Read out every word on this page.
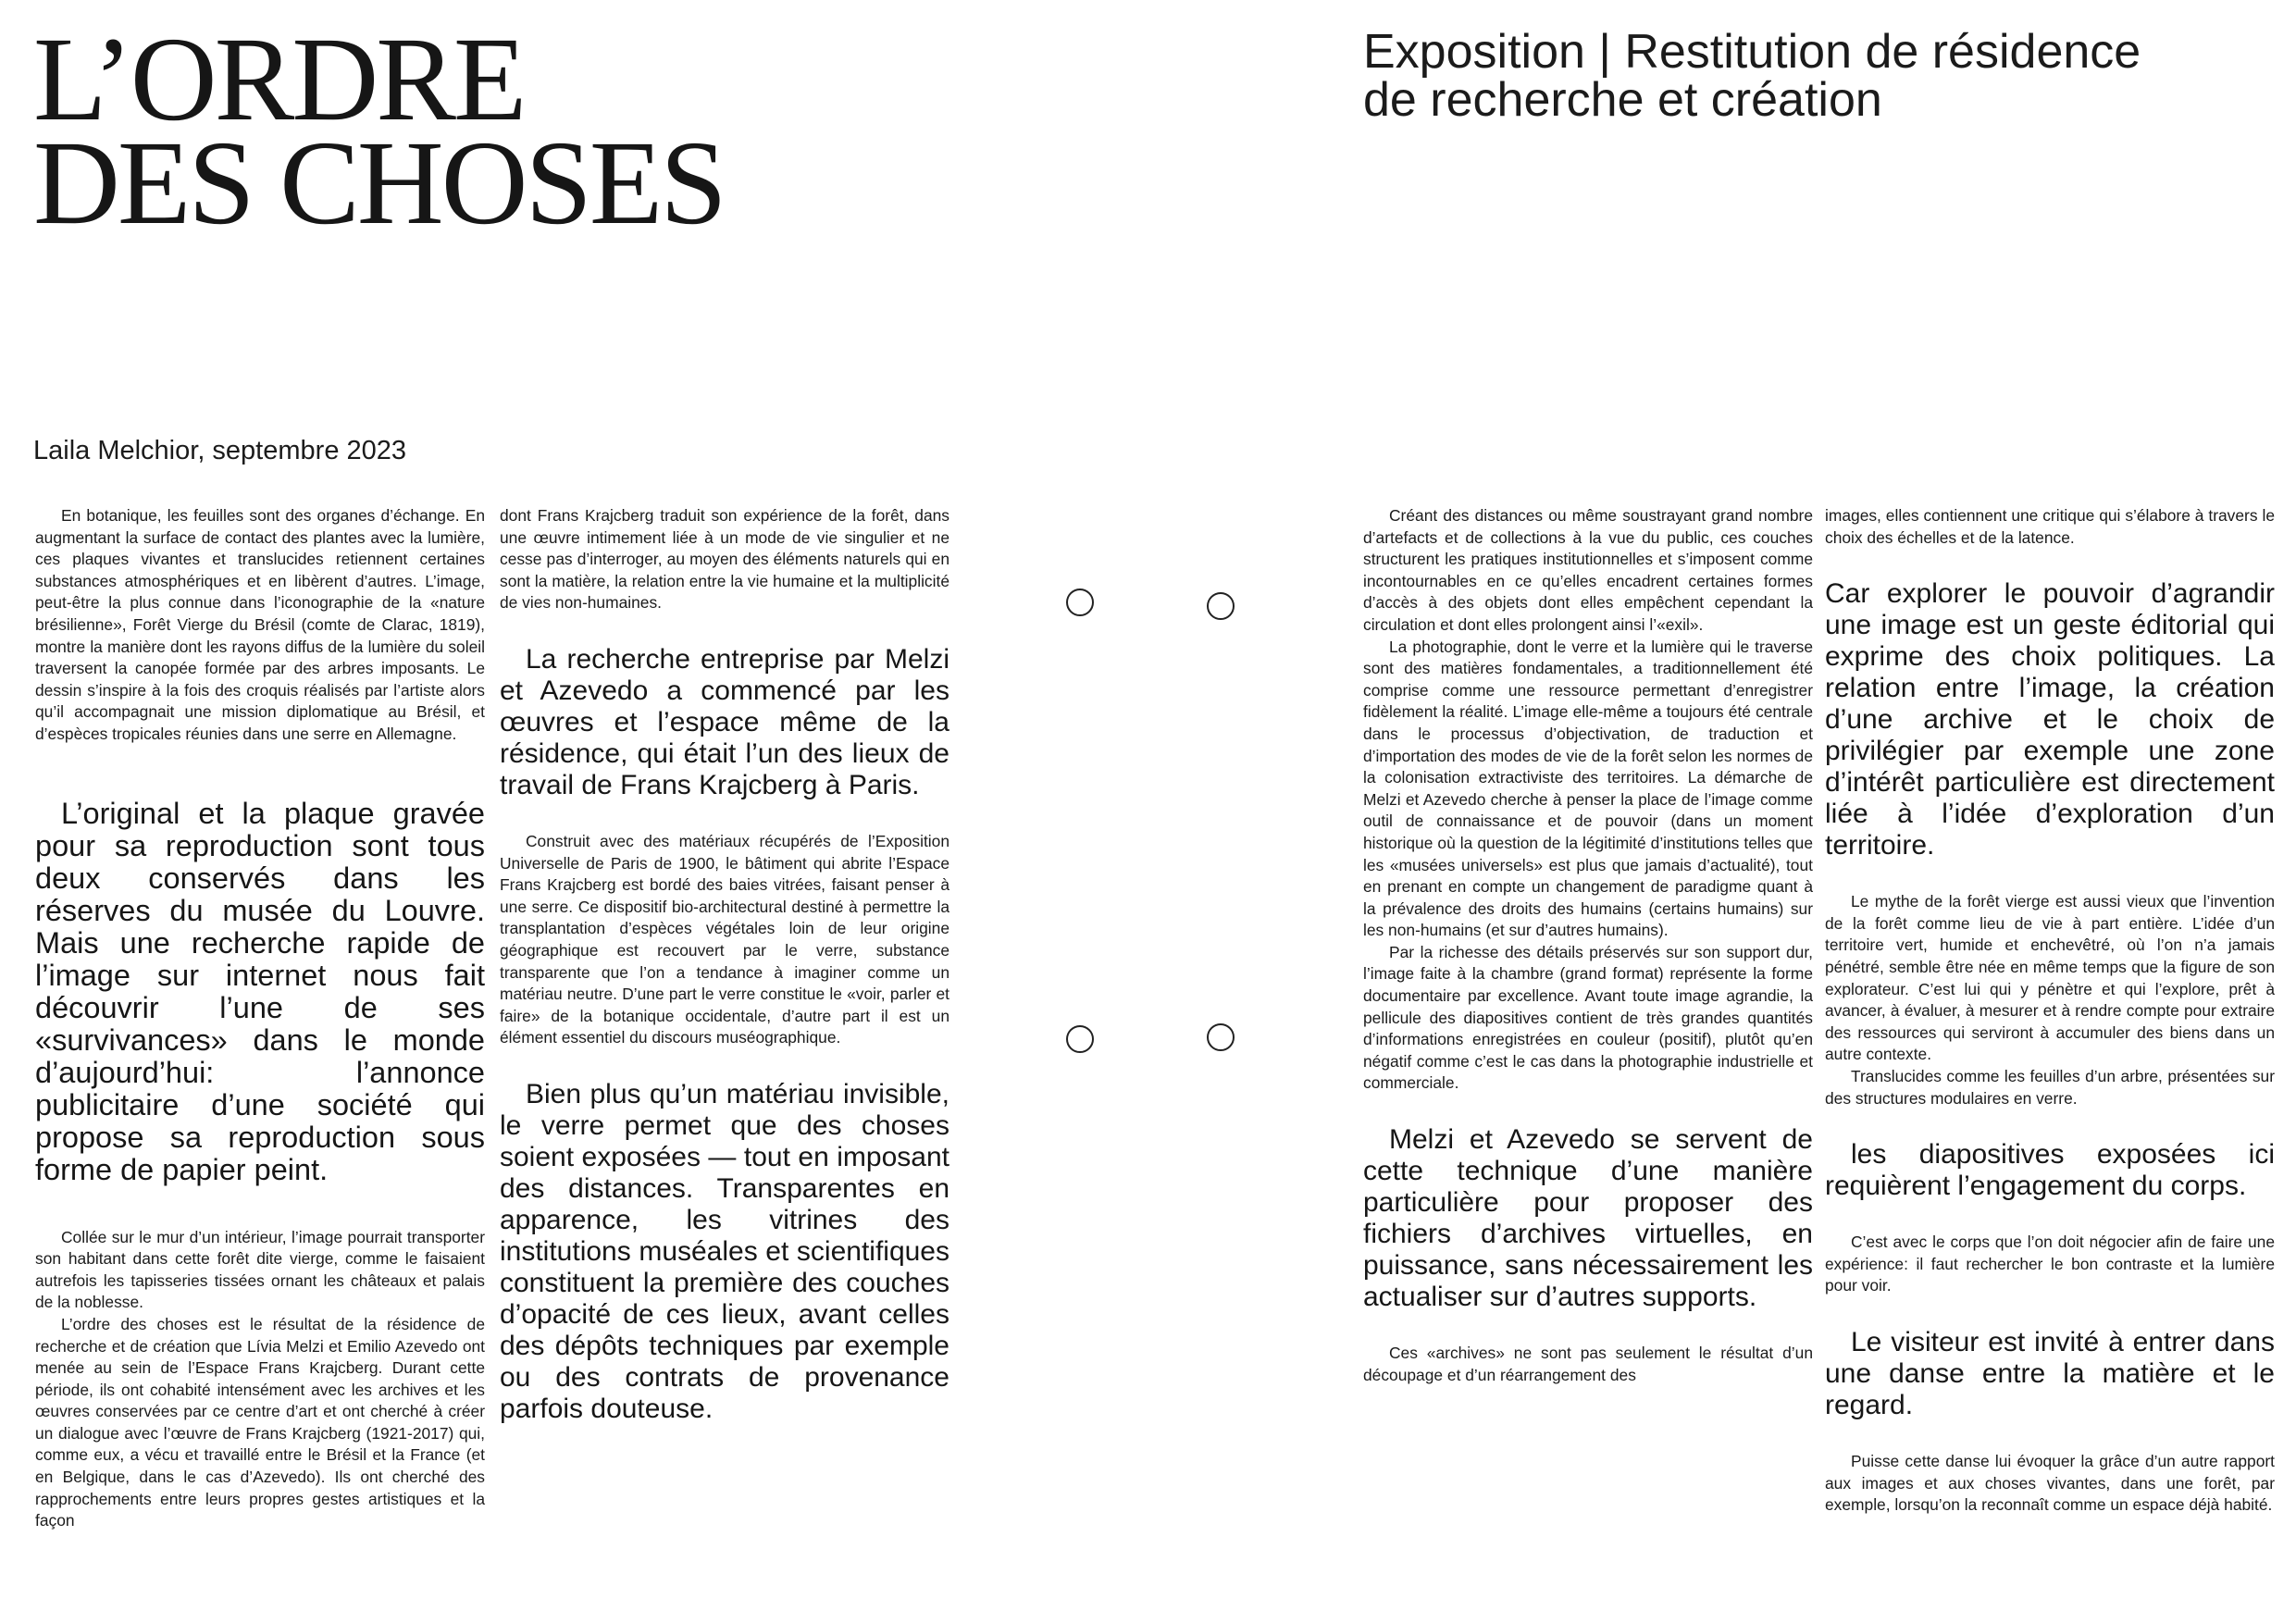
L’ORDRE
DES CHOSES
Exposition | Restitution de résidence
de recherche et création

Laila Melchior, septembre 2023

En botanique, les feuilles sont des organes d’échange. En augmentant la surface de contact des plantes avec la lumière, ces plaques vivantes et translucides retiennent certaines substances atmosphériques et en libèrent d’autres. L’image, peut-être la plus connue dans l’iconographie de la «nature brésilienne», Forêt Vierge du Brésil (comte de Clarac, 1819), montre la manière dont les rayons diffus de la lumière du soleil traversent la canopée formée par des arbres imposants. Le dessin s’inspire à la fois des croquis réalisés par l’artiste alors qu’il accompagnait une mission diplomatique au Brésil, et d’espèces tropicales réunies dans une serre en Allemagne.

L’original et la plaque gravée pour sa reproduction sont tous deux conservés dans les réserves du musée du Louvre. Mais une recherche rapide de l’image sur internet nous fait découvrir l’une de ses «survivances» dans le monde d’aujourd’hui: l’annonce publicitaire d’une société qui propose sa reproduction sous forme de papier peint.

Collée sur le mur d’un intérieur, l’image pourrait transporter son habitant dans cette forêt dite vierge, comme le faisaient autrefois les tapisseries tissées ornant les châteaux et palais de la noblesse.

L’ordre des choses est le résultat de la résidence de recherche et de création que Lívia Melzi et Emilio Azevedo ont menée au sein de l’Espace Frans Krajcberg. Durant cette période, ils ont cohabité intensément avec les archives et les œuvres conservées par ce centre d’art et ont cherché à créer un dialogue avec l’œuvre de Frans Krajcberg (1921-2017) qui, comme eux, a vécu et travaillé entre le Brésil et la France (et en Belgique, dans le cas d’Azevedo). Ils ont cherché des rapprochements entre leurs propres gestes artistiques et la façon

dont Frans Krajcberg traduit son expérience de la forêt, dans une œuvre intimement liée à un mode de vie singulier et ne cesse pas d’interroger, au moyen des éléments naturels qui en sont la matière, la relation entre la vie humaine et la multiplicité de vies non-humaines.

La recherche entreprise par Melzi et Azevedo a commencé par les œuvres et l’espace même de la résidence, qui était l’un des lieux de travail de Frans Krajcberg à Paris.

Construit avec des matériaux récupérés de l’Exposition Universelle de Paris de 1900, le bâtiment qui abrite l’Espace Frans Krajcberg est bordé des baies vitrées, faisant penser à une serre. Ce dispositif bio-architectural destiné à permettre la transplantation d’espèces végétales loin de leur origine géographique est recouvert par le verre, substance transparente que l’on a tendance à imaginer comme un matériau neutre. D’une part le verre constitue le «voir, parler et faire» de la botanique occidentale, d’autre part il est un élément essentiel du discours muséographique.

Bien plus qu’un matériau invisible, le verre permet que des choses soient exposées — tout en imposant des distances. Transparentes en apparence, les vitrines des institutions muséales et scientifiques constituent la première des couches d’opacité de ces lieux, avant celles des dépôts techniques par exemple ou des contrats de provenance parfois douteuse.

Créant des distances ou même soustrayant grand nombre d’artefacts et de collections à la vue du public, ces couches structurent les pratiques institutionnelles et s’imposent comme incontournables en ce qu’elles encadrent certaines formes d’accès à des objets dont elles empêchent cependant la circulation et dont elles prolongent ainsi l’«exil».

La photographie, dont le verre et la lumière qui le traverse sont des matières fondamentales, a traditionnellement été comprise comme une ressource permettant d’enregistrer fidèlement la réalité. L’image elle-même a toujours été centrale dans le processus d’objectivation, de traduction et d’importation des modes de vie de la forêt selon les normes de la colonisation extractiviste des territoires. La démarche de Melzi et Azevedo cherche à penser la place de l’image comme outil de connaissance et de pouvoir (dans un moment historique où la question de la légitimité d’institutions telles que les «musées universels» est plus que jamais d’actualité), tout en prenant en compte un changement de paradigme quant à la prévalence des droits des humains (certains humains) sur les non-humains (et sur d’autres humains).

Par la richesse des détails préservés sur son support dur, l’image faite à la chambre (grand format) représente la forme documentaire par excellence. Avant toute image agrandie, la pellicule des diapositives contient de très grandes quantités d’informations enregistrées en couleur (positif), plutôt qu’en négatif comme c’est le cas dans la photographie industrielle et commerciale.

Melzi et Azevedo se servent de cette technique d’une manière particulière pour proposer des fichiers d’archives virtuelles, en puissance, sans nécessairement les actualiser sur d’autres supports.

Ces «archives» ne sont pas seulement le résultat d’un découpage et d’un réarrangement des

images, elles contiennent une critique qui s’élabore à travers le choix des échelles et de la latence.

Car explorer le pouvoir d’agrandir une image est un geste éditorial qui exprime des choix politiques. La relation entre l’image, la création d’une archive et le choix de privilégier par exemple une zone d’intérêt particulière est directement liée à l’idée d’exploration d’un territoire.

Le mythe de la forêt vierge est aussi vieux que l’invention de la forêt comme lieu de vie à part entière. L’idée d’un territoire vert, humide et enchevêtré, où l’on n’a jamais pénétré, semble être née en même temps que la figure de son explorateur. C’est lui qui y pénètre et qui l’explore, prêt à avancer, à évaluer, à mesurer et à rendre compte pour extraire des ressources qui serviront à accumuler des biens dans un autre contexte.

Translucides comme les feuilles d’un arbre, présentées sur des structures modulaires en verre.

les diapositives exposées ici requièrent l’engagement du corps.

C’est avec le corps que l’on doit négocier afin de faire une expérience: il faut rechercher le bon contraste et la lumière pour voir.

Le visiteur est invité à entrer dans une danse entre la matière et le regard.

Puisse cette danse lui évoquer la grâce d’un autre rapport aux images et aux choses vivantes, dans une forêt, par exemple, lorsqu’on la reconnaît comme un espace déjà habité.
